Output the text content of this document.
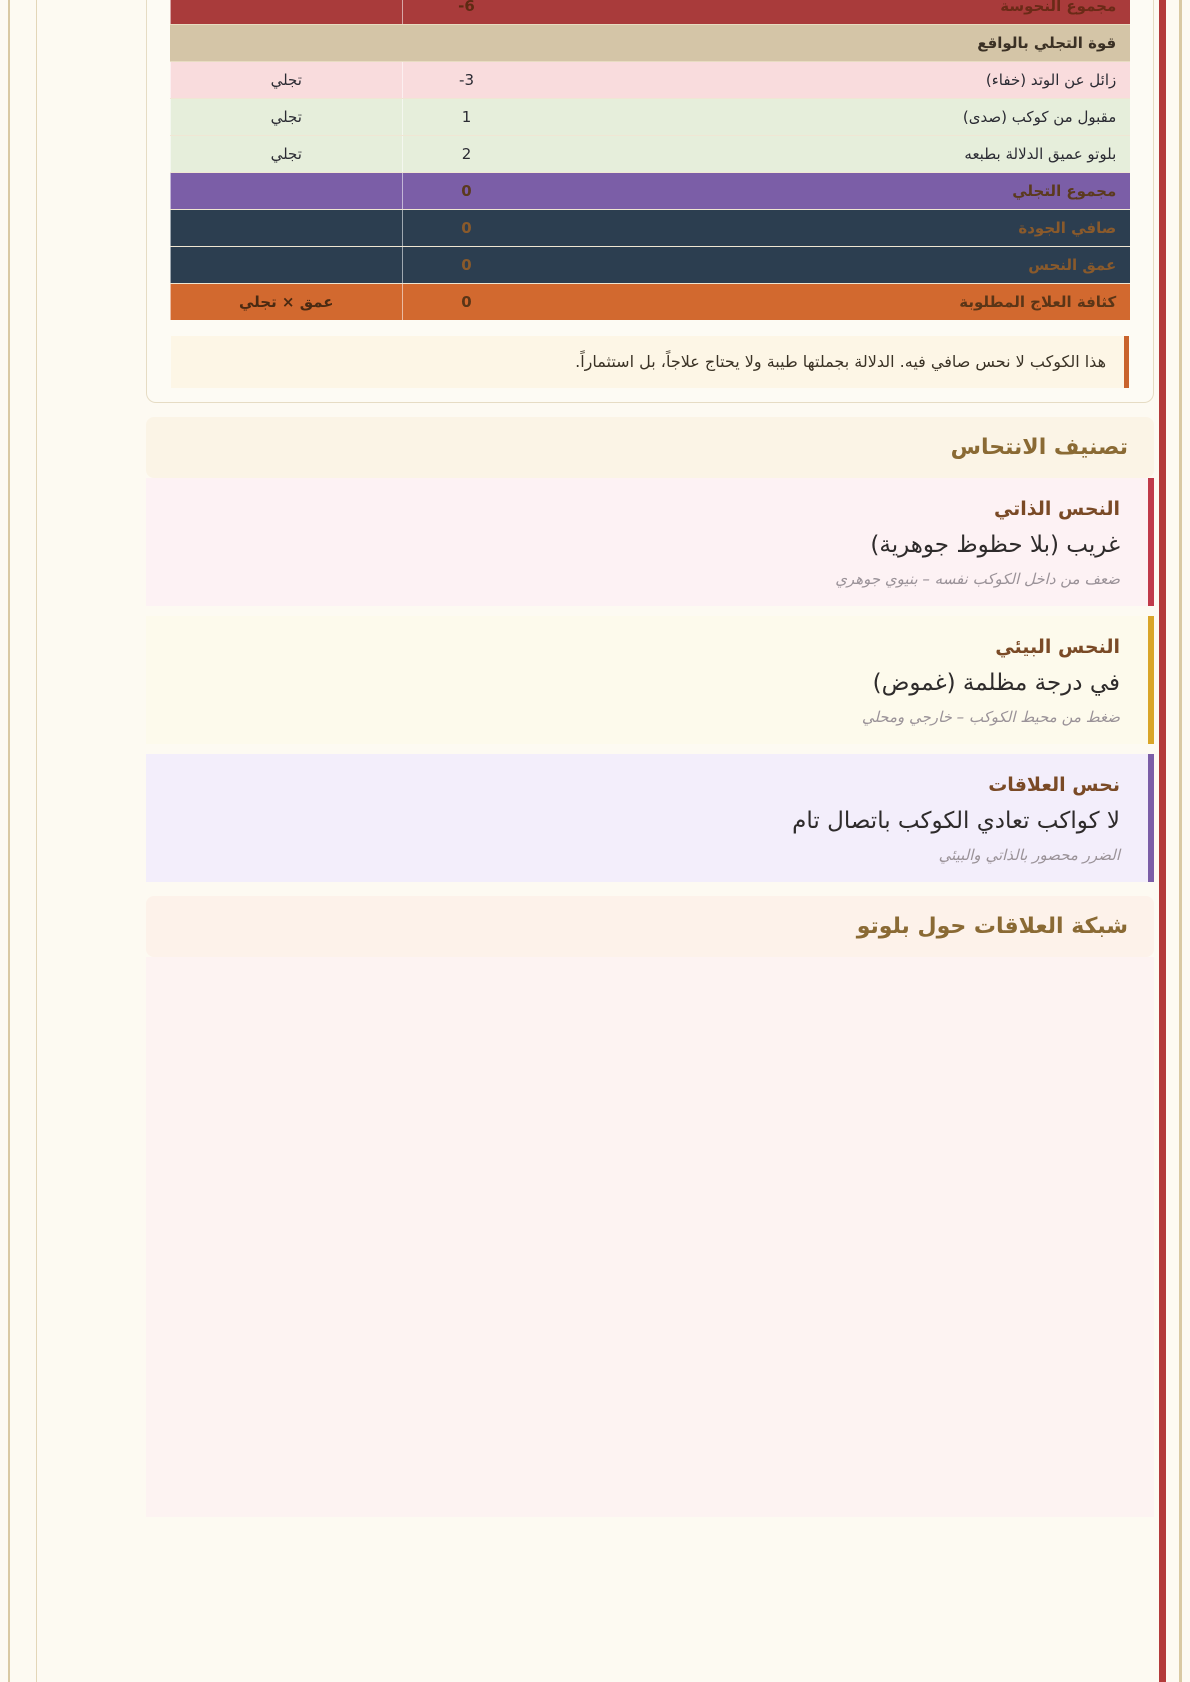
مجموع النحوسة	6-	
قوة التجلي بالواقع		
زائل عن الوتد (خفاء)	3-	تجلي
مقبول من كوكب (صدى)	1	تجلي
بلوتو عميق الدلالة بطبعه	2	تجلي
مجموع التجلي	0	
صافي الجودة	0	
عمق النحس	0	
كثافة العلاج المطلوبة	0	عمق × تجلي
هذا الكوكب لا نحس صافي فيه. الدلالة بجملتها طيبة ولا يحتاج علاجاً، بل استثماراً.
تصنيف الانتحاس
النحس الذاتي
غريب (بلا حظوظ جوهرية)
ضعف من داخل الكوكب نفسه – بنيوي جوهري
النحس البيئي
في درجة مظلمة (غموض)
ضغط من محيط الكوكب – خارجي ومحلي
نحس العلاقات
لا كواكب تعادي الكوكب باتصال تام
الضرر محصور بالذاتي والبيئي
شبكة العلاقات حول بلوتو
